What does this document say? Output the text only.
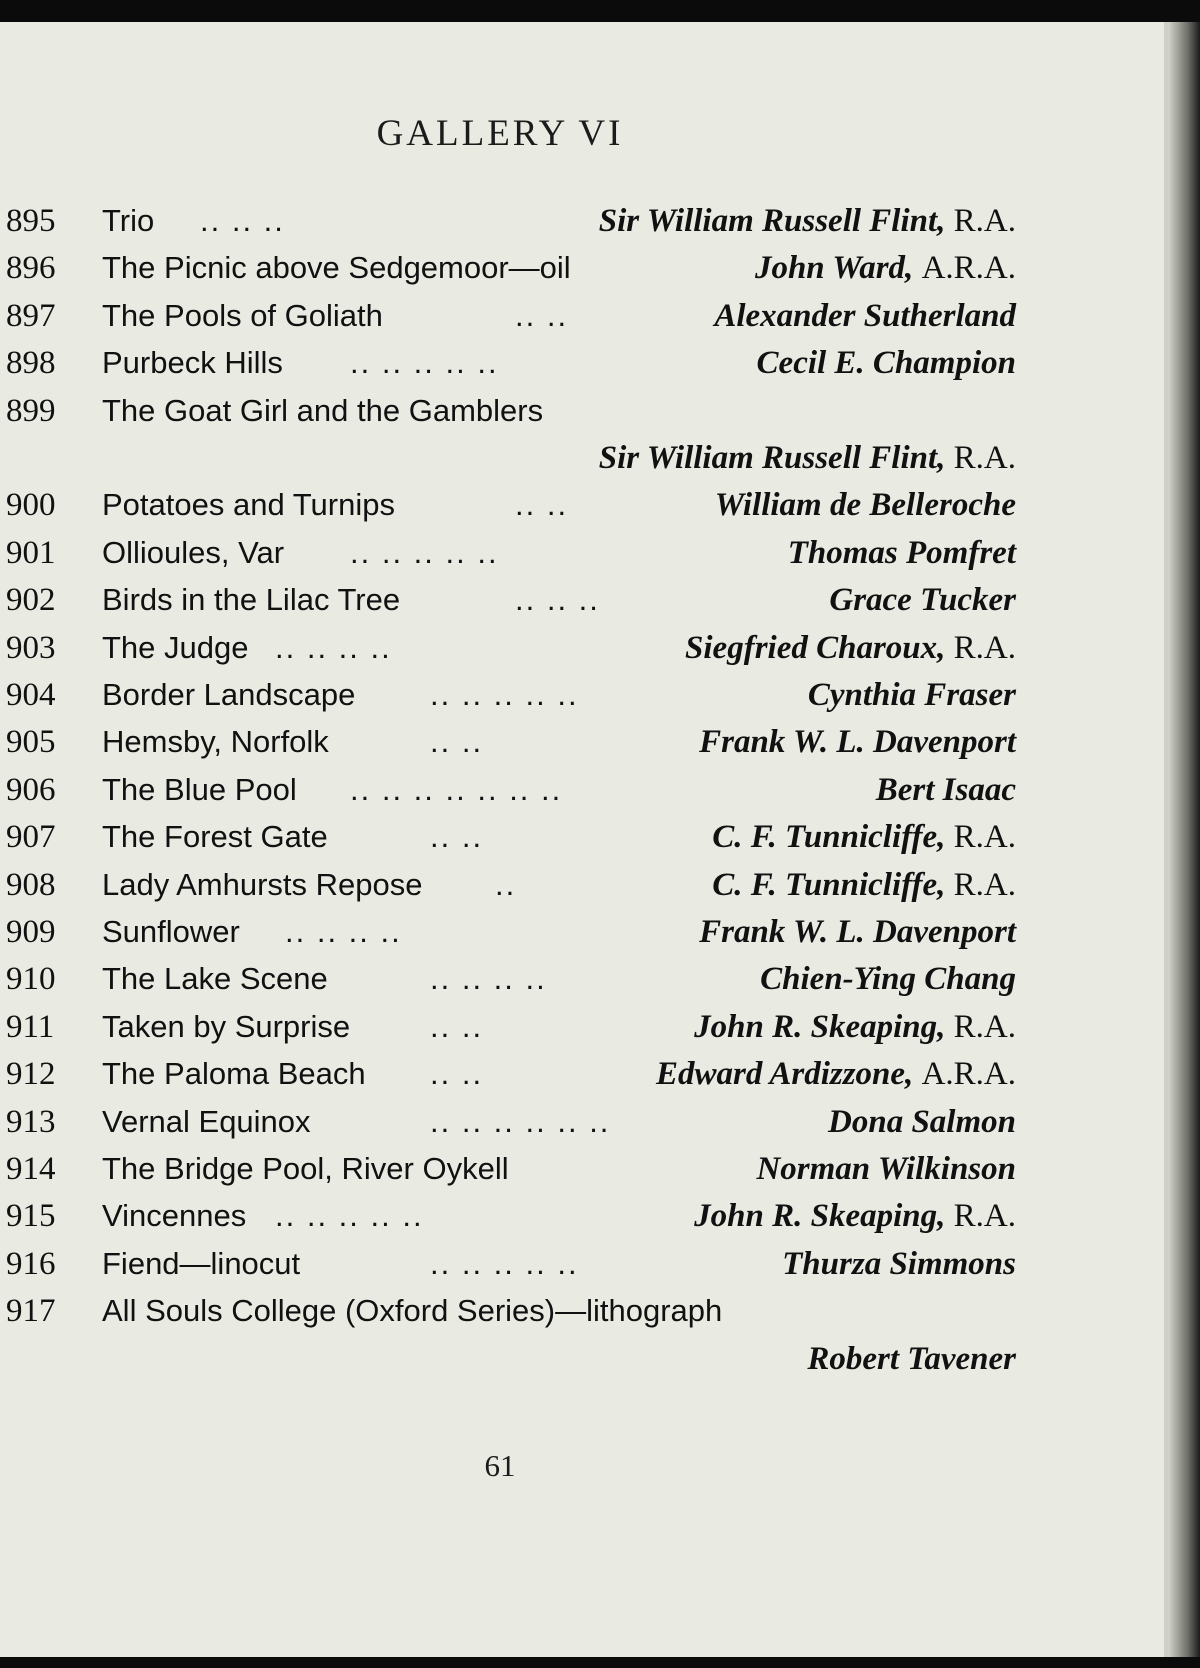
GALLERY VI
895 Trio .. .. ..	Sir William Russell Flint, R.A.
896 The Picnic above Sedgemoor—oil	John Ward, A.R.A.
897 The Pools of Goliath	.. ..	Alexander Sutherland
898 Purbeck Hills .. .. .. .. ..	Cecil E. Champion
899 The Goat Girl and the Gamblers
Sir William Russell Flint, R.A.
900 Potatoes and Turnips	.. ..	William de Belleroche
901 Ollioules, Var .. .. .. .. ..	Thomas Pomfret
902 Birds in the Lilac Tree	.. .. ..	Grace Tucker
903 The Judge .. .. .. ..	Siegfried Charoux, R.A.
904 Border Landscape .. .. .. .. ..	Cynthia Fraser
905 Hemsby, Norfolk	.. ..	Frank W. L. Davenport
906 The Blue Pool .. .. .. .. .. .. ..	Bert Isaac
907 The Forest Gate	.. ..	C. F. Tunnicliffe, R.A.
908 Lady Amhursts Repose ..	C. F. Tunnicliffe, R.A.
909 Sunflower .. .. .. ..	Frank W. L. Davenport
910 The Lake Scene	.. .. .. ..	Chien-Ying Chang
911 Taken by Surprise	.. ..	John R. Skeaping, R.A.
912 The Paloma Beach .. ..	Edward Ardizzone, A.R.A.
913 Vernal Equinox	.. .. .. .. .. ..	Dona Salmon
914 The Bridge Pool, River Oykell	Norman Wilkinson
915 Vincennes .. .. .. .. ..	John R. Skeaping, R.A.
916 Fiend—linocut	.. .. .. .. ..	Thurza Simmons
917 All Souls College (Oxford Series)—lithograph
Robert Tavener
61
